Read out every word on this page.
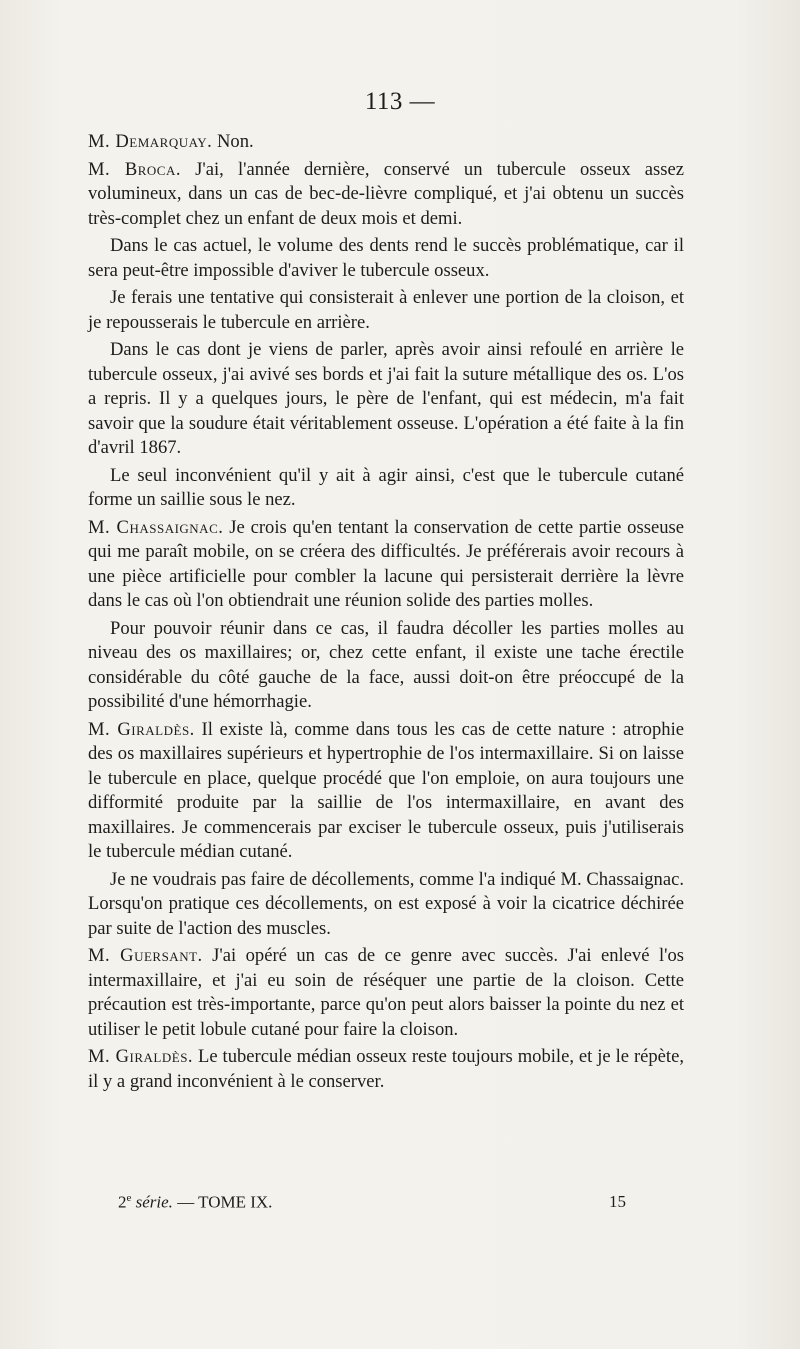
113 —

M. Demarquay. Non.

M. Broca. J'ai, l'année dernière, conservé un tubercule osseux assez volumineux, dans un cas de bec-de-lièvre compliqué, et j'ai obtenu un succès très-complet chez un enfant de deux mois et demi.

Dans le cas actuel, le volume des dents rend le succès problématique, car il sera peut-être impossible d'aviver le tubercule osseux.

Je ferais une tentative qui consisterait à enlever une portion de la cloison, et je repousserais le tubercule en arrière.

Dans le cas dont je viens de parler, après avoir ainsi refoulé en arrière le tubercule osseux, j'ai avivé ses bords et j'ai fait la suture métallique des os. L'os a repris. Il y a quelques jours, le père de l'enfant, qui est médecin, m'a fait savoir que la soudure était véritablement osseuse. L'opération a été faite à la fin d'avril 1867.

Le seul inconvénient qu'il y ait à agir ainsi, c'est que le tubercule cutané forme un saillie sous le nez.

M. Chassaignac. Je crois qu'en tentant la conservation de cette partie osseuse qui me paraît mobile, on se créera des difficultés. Je préférerais avoir recours à une pièce artificielle pour combler la lacune qui persisterait derrière la lèvre dans le cas où l'on obtiendrait une réunion solide des parties molles.

Pour pouvoir réunir dans ce cas, il faudra décoller les parties molles au niveau des os maxillaires; or, chez cette enfant, il existe une tache érectile considérable du côté gauche de la face, aussi doit-on être préoccupé de la possibilité d'une hémorrhagie.

M. Giraldès. Il existe là, comme dans tous les cas de cette nature : atrophie des os maxillaires supérieurs et hypertrophie de l'os intermaxillaire. Si on laisse le tubercule en place, quelque procédé que l'on emploie, on aura toujours une difformité produite par la saillie de l'os intermaxillaire, en avant des maxillaires. Je commencerais par exciser le tubercule osseux, puis j'utiliserais le tubercule médian cutané.

Je ne voudrais pas faire de décollements, comme l'a indiqué M. Chassaignac. Lorsqu'on pratique ces décollements, on est exposé à voir la cicatrice déchirée par suite de l'action des muscles.

M. Guersant. J'ai opéré un cas de ce genre avec succès. J'ai enlevé l'os intermaxillaire, et j'ai eu soin de réséquer une partie de la cloison. Cette précaution est très-importante, parce qu'on peut alors baisser la pointe du nez et utiliser le petit lobule cutané pour faire la cloison.

M. Giraldès. Le tubercule médian osseux reste toujours mobile, et je le répète, il y a grand inconvénient à le conserver.

2e série. — TOME IX.	15
